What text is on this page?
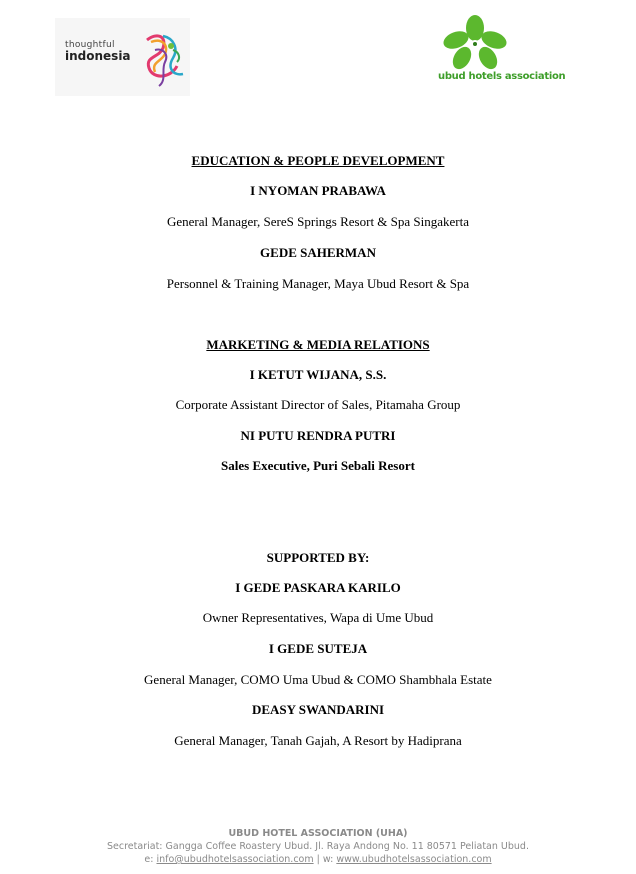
thoughtful
indonesia
ubud hotels association
EDUCATION & PEOPLE DEVELOPMENT
I NYOMAN PRABAWA
General Manager, SereS Springs Resort & Spa Singakerta
GEDE SAHERMAN
Personnel & Training Manager, Maya Ubud Resort & Spa
MARKETING & MEDIA RELATIONS
I KETUT WIJANA, S.S.
Corporate Assistant Director of Sales, Pitamaha Group
NI PUTU RENDRA PUTRI
Sales Executive, Puri Sebali Resort
SUPPORTED BY:
I GEDE PASKARA KARILO
Owner Representatives, Wapa di Ume Ubud
I GEDE SUTEJA
General Manager, COMO Uma Ubud & COMO Shambhala Estate
DEASY SWANDARINI
General Manager, Tanah Gajah, A Resort by Hadiprana
UBUD HOTEL ASSOCIATION (UHA)
Secretariat: Gangga Coffee Roastery Ubud. Jl. Raya Andong No. 11 80571 Peliatan Ubud.
e: info@ubudhotelsassociation.com | w: www.ubudhotelsassociation.com
